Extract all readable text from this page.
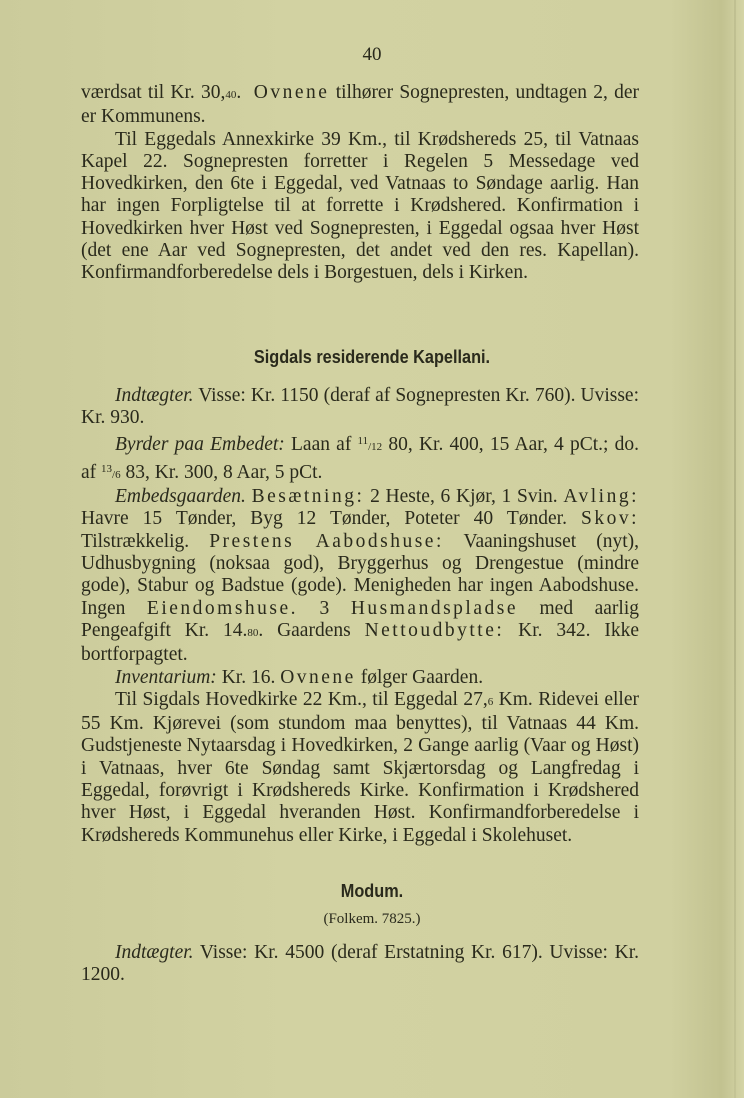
40

værdsat til Kr. 30,40. Ovnene tilhører Sognepresten, undtagen 2, der er Kommunens.

Til Eggedals Annexkirke 39 Km., til Krødshereds 25, til Vatnaas Kapel 22. Sognepresten forretter i Regelen 5 Messedage ved Hovedkirken, den 6te i Eggedal, ved Vatnaas to Søndage aarlig. Han har ingen Forpligtelse til at forrette i Krødshered. Konfirmation i Hovedkirken hver Høst ved Sognepresten, i Eggedal ogsaa hver Høst (det ene Aar ved Sognepresten, det andet ved den res. Kapellan). Konfirmandforberedelse dels i Borgestuen, dels i Kirken.

Sigdals residerende Kapellani.

Indtægter. Visse: Kr. 1150 (deraf af Sognepresten Kr. 760). Uvisse: Kr. 930.

Byrder paa Embedet: Laan af $^{11}$/12 80, Kr. 400, 15 Aar, 4 pCt.; do. af $^{13}$/6 83, Kr. 300, 8 Aar, 5 pCt.

Embedsgaarden. Besætning: 2 Heste, 6 Kjør, 1 Svin. Avling: Havre 15 Tønder, Byg 12 Tønder, Poteter 40 Tønder. Skov: Tilstrækkelig. Prestens Aabodshuse: Vaaningshuset (nyt), Udhusbygning (noksaa god), Bryggerhus og Drengestue (mindre gode), Stabur og Badstue (gode). Menigheden har ingen Aabodshuse. Ingen Eiendomshuse. 3 Husmandspladse med aarlig Pengeafgift Kr. 14.80. Gaardens Nettoudbytte: Kr. 342. Ikke bortforpagtet.

Inventarium: Kr. 16. Ovnene følger Gaarden.

Til Sigdals Hovedkirke 22 Km., til Eggedal 27,6 Km. Ridevei eller 55 Km. Kjørevei (som stundom maa benyttes), til Vatnaas 44 Km. Gudstjeneste Nytaarsdag i Hovedkirken, 2 Gange aarlig (Vaar og Høst) i Vatnaas, hver 6te Søndag samt Skjærtorsdag og Langfredag i Eggedal, forøvrigt i Krødshereds Kirke. Konfirmation i Krødshered hver Høst, i Eggedal hveranden Høst. Konfirmandforberedelse i Krødshereds Kommunehus eller Kirke, i Eggedal i Skolehuset.

Modum.
(Folkem. 7825.)

Indtægter. Visse: Kr. 4500 (deraf Erstatning Kr. 617). Uvisse: Kr. 1200.
